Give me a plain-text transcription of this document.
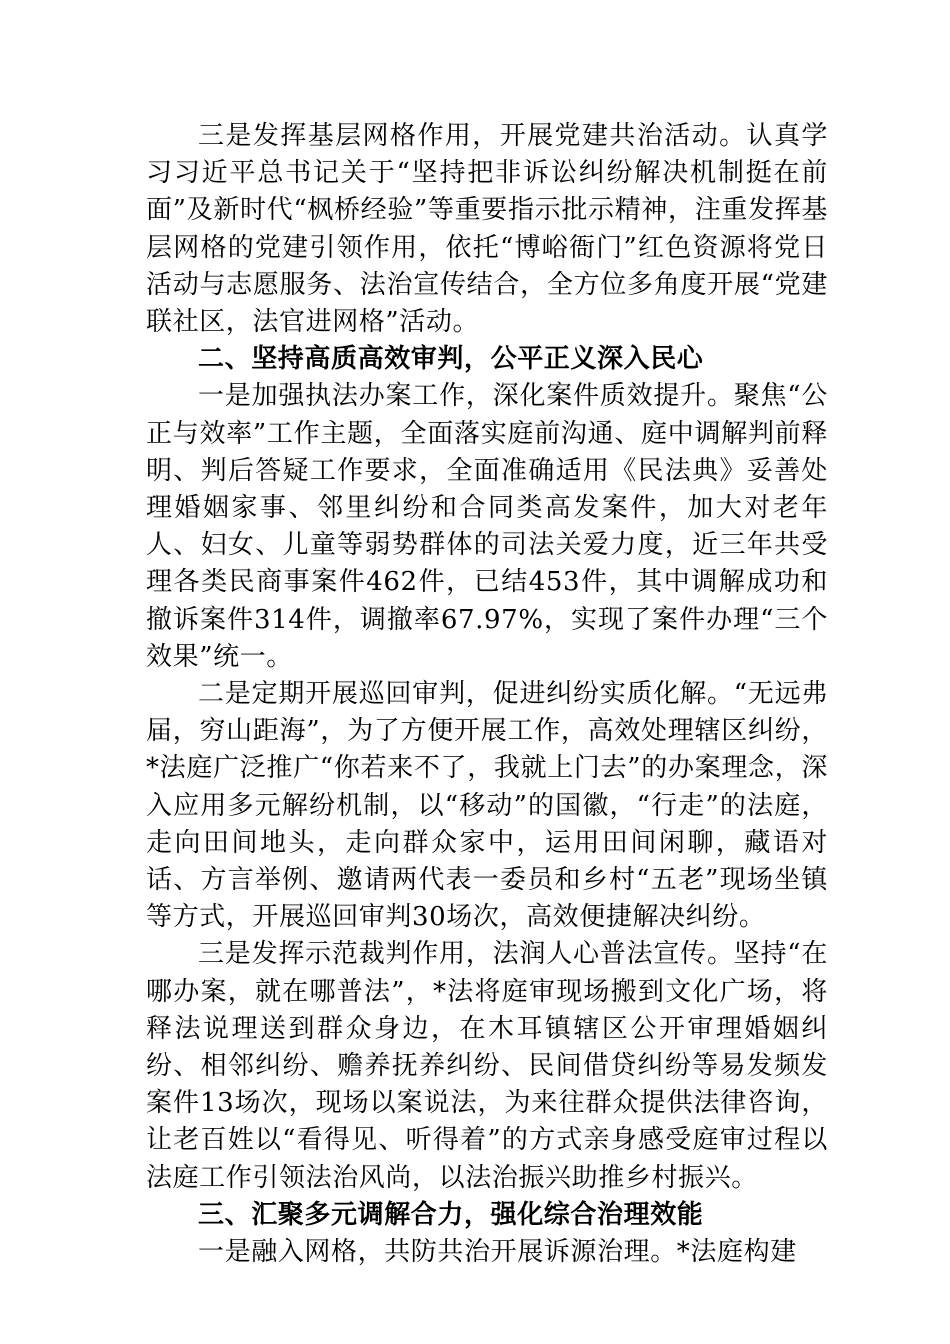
三是发挥基层网格作用，开展党建共治活动。认真学习习近平总书记关于“坚持把非诉讼纠纷解决机制挺在前面”及新时代“枫桥经验”等重要指示批示精神，注重发挥基层网格的党建引领作用，依托“博峪衙门”红色资源将党日活动与志愿服务、法治宣传结合，全方位多角度开展“党建联社区，法官进网格”活动。

二、坚持高质高效审判，公平正义深入民心

一是加强执法办案工作，深化案件质效提升。聚焦“公正与效率”工作主题，全面落实庭前沟通、庭中调解判前释明、判后答疑工作要求，全面准确适用《民法典》妥善处理婚姻家事、邻里纠纷和合同类高发案件，加大对老年人、妇女、儿童等弱势群体的司法关爱力度，近三年共受理各类民商事案件462件，已结453件，其中调解成功和撤诉案件314件，调撤率67.97%，实现了案件办理“三个效果”统一。

二是定期开展巡回审判，促进纠纷实质化解。“无远弗届，穷山距海”，为了方便开展工作，高效处理辖区纠纷，*法庭广泛推广“你若来不了，我就上门去”的办案理念，深入应用多元解纷机制，以“移动”的国徽，“行走”的法庭，走向田间地头，走向群众家中，运用田间闲聊，藏语对话、方言举例、邀请两代表一委员和乡村“五老”现场坐镇等方式，开展巡回审判30场次，高效便捷解决纠纷。

三是发挥示范裁判作用，法润人心普法宣传。坚持“在哪办案，就在哪普法”，*法将庭审现场搬到文化广场，将释法说理送到群众身边，在木耳镇辖区公开审理婚姻纠纷、相邻纠纷、赡养抚养纠纷、民间借贷纠纷等易发频发案件13场次，现场以案说法，为来往群众提供法律咨询，让老百姓以“看得见、听得着”的方式亲身感受庭审过程以法庭工作引领法治风尚，以法治振兴助推乡村振兴。

三、汇聚多元调解合力，强化综合治理效能

一是融入网格，共防共治开展诉源治理。*法庭构建
